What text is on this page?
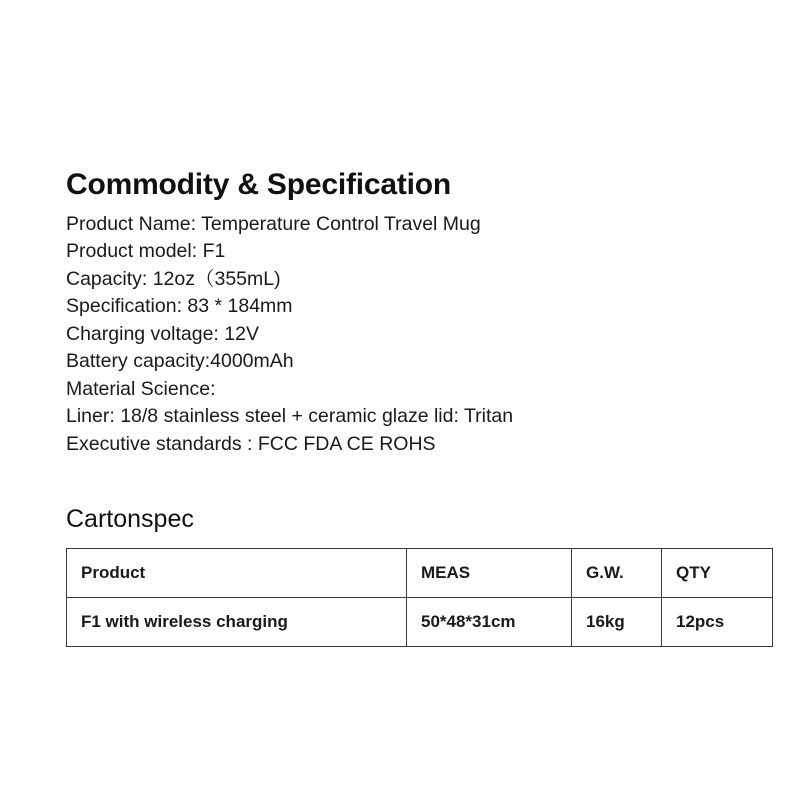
Commodity & Specification
Product Name: Temperature Control Travel Mug
Product model: F1
Capacity: 12oz（355mL)
Specification: 83 * 184mm
Charging voltage: 12V
Battery capacity:4000mAh
Material Science:
Liner: 18/8 stainless steel + ceramic glaze lid: Tritan
Executive standards : FCC FDA CE ROHS
Cartonspec
Product	MEAS	G.W.	QTY
F1 with wireless charging	50*48*31cm	16kg	12pcs
